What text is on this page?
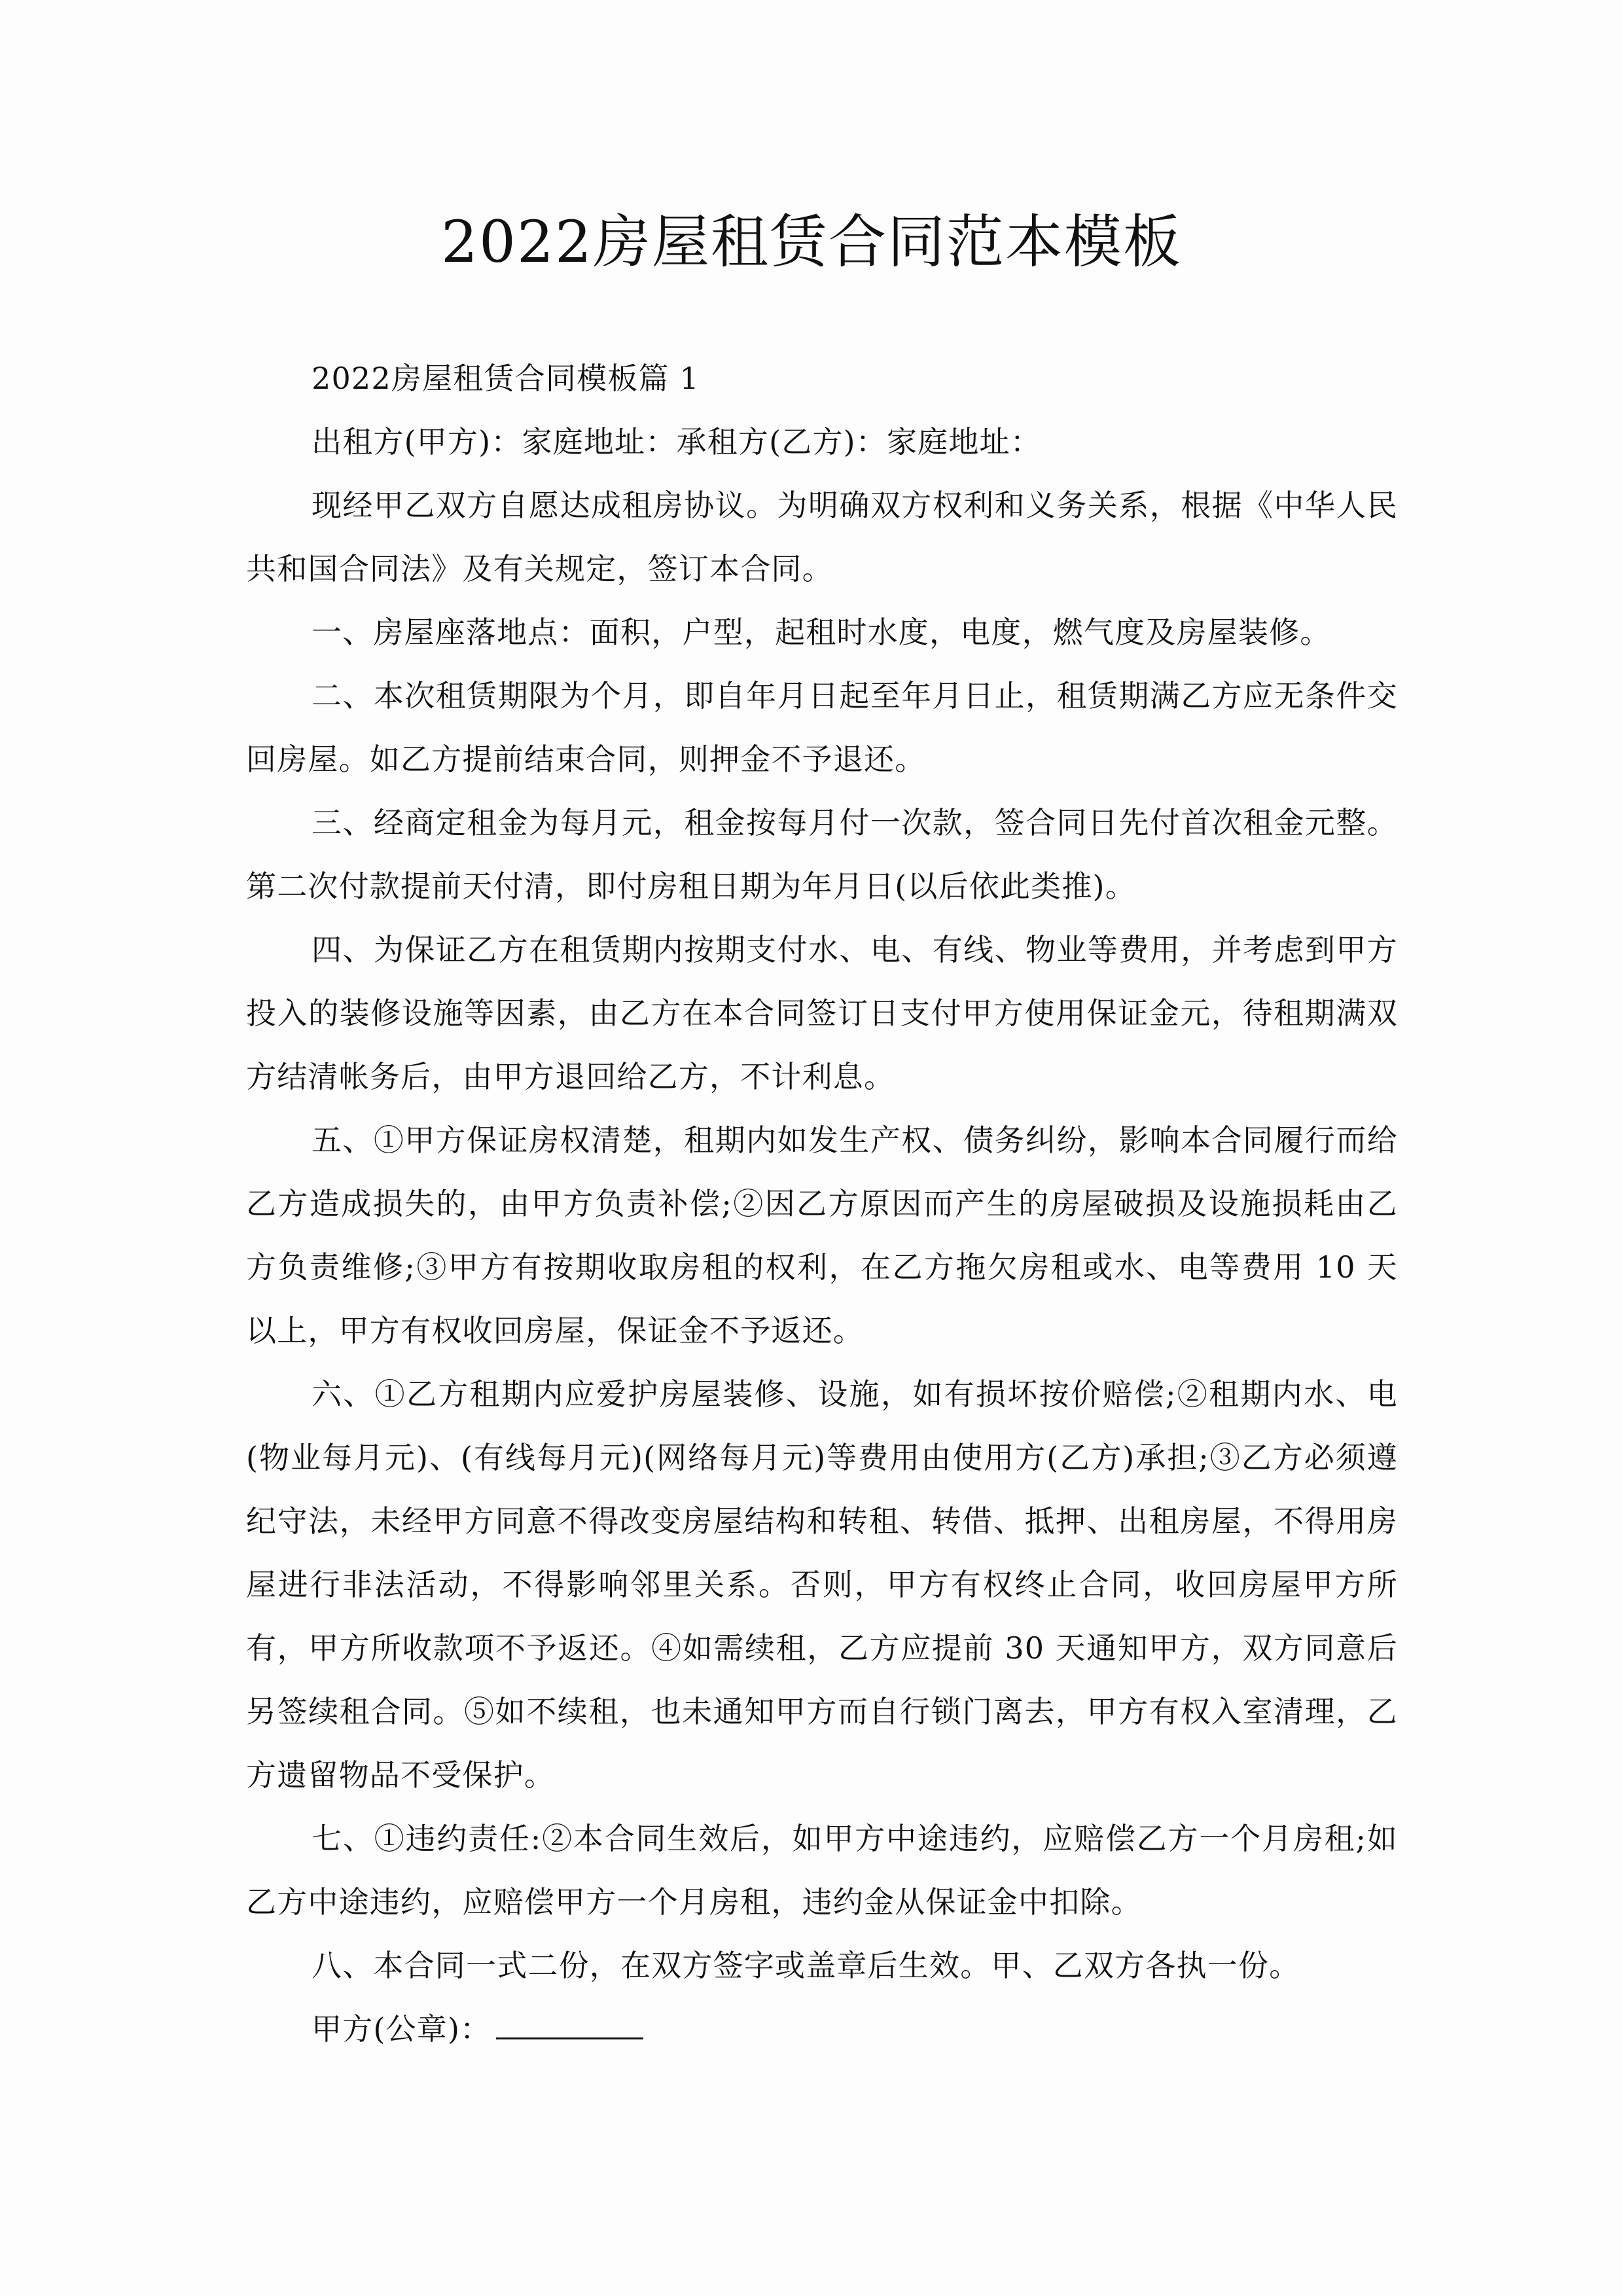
2022房屋租赁合同范本模板

2022房屋租赁合同模板篇 1

出租方(甲方)：家庭地址：承租方(乙方)：家庭地址：

现经甲乙双方自愿达成租房协议。为明确双方权利和义务关系，根据《中华人民共和国合同法》及有关规定，签订本合同。

一、房屋座落地点：面积，户型，起租时水度，电度，燃气度及房屋装修。

二、本次租赁期限为个月，即自年月日起至年月日止，租赁期满乙方应无条件交回房屋。如乙方提前结束合同，则押金不予退还。

三、经商定租金为每月元，租金按每月付一次款，签合同日先付首次租金元整。第二次付款提前天付清，即付房租日期为年月日(以后依此类推)。

四、为保证乙方在租赁期内按期支付水、电、有线、物业等费用，并考虑到甲方投入的装修设施等因素，由乙方在本合同签订日支付甲方使用保证金元，待租期满双方结清帐务后，由甲方退回给乙方，不计利息。

五、①甲方保证房权清楚，租期内如发生产权、债务纠纷，影响本合同履行而给乙方造成损失的，由甲方负责补偿;②因乙方原因而产生的房屋破损及设施损耗由乙方负责维修;③甲方有按期收取房租的权利，在乙方拖欠房租或水、电等费用 10 天以上，甲方有权收回房屋，保证金不予返还。

六、①乙方租期内应爱护房屋装修、设施，如有损坏按价赔偿;②租期内水、电(物业每月元)、(有线每月元)(网络每月元)等费用由使用方(乙方)承担;③乙方必须遵纪守法，未经甲方同意不得改变房屋结构和转租、转借、抵押、出租房屋，不得用房屋进行非法活动，不得影响邻里关系。否则，甲方有权终止合同，收回房屋甲方所有，甲方所收款项不予返还。④如需续租，乙方应提前 30 天通知甲方，双方同意后另签续租合同。⑤如不续租，也未通知甲方而自行锁门离去，甲方有权入室清理，乙方遗留物品不受保护。

七、①违约责任:②本合同生效后，如甲方中途违约，应赔偿乙方一个月房租;如乙方中途违约，应赔偿甲方一个月房租，违约金从保证金中扣除。

八、本合同一式二份，在双方签字或盖章后生效。甲、乙双方各执一份。

甲方(公章)：
